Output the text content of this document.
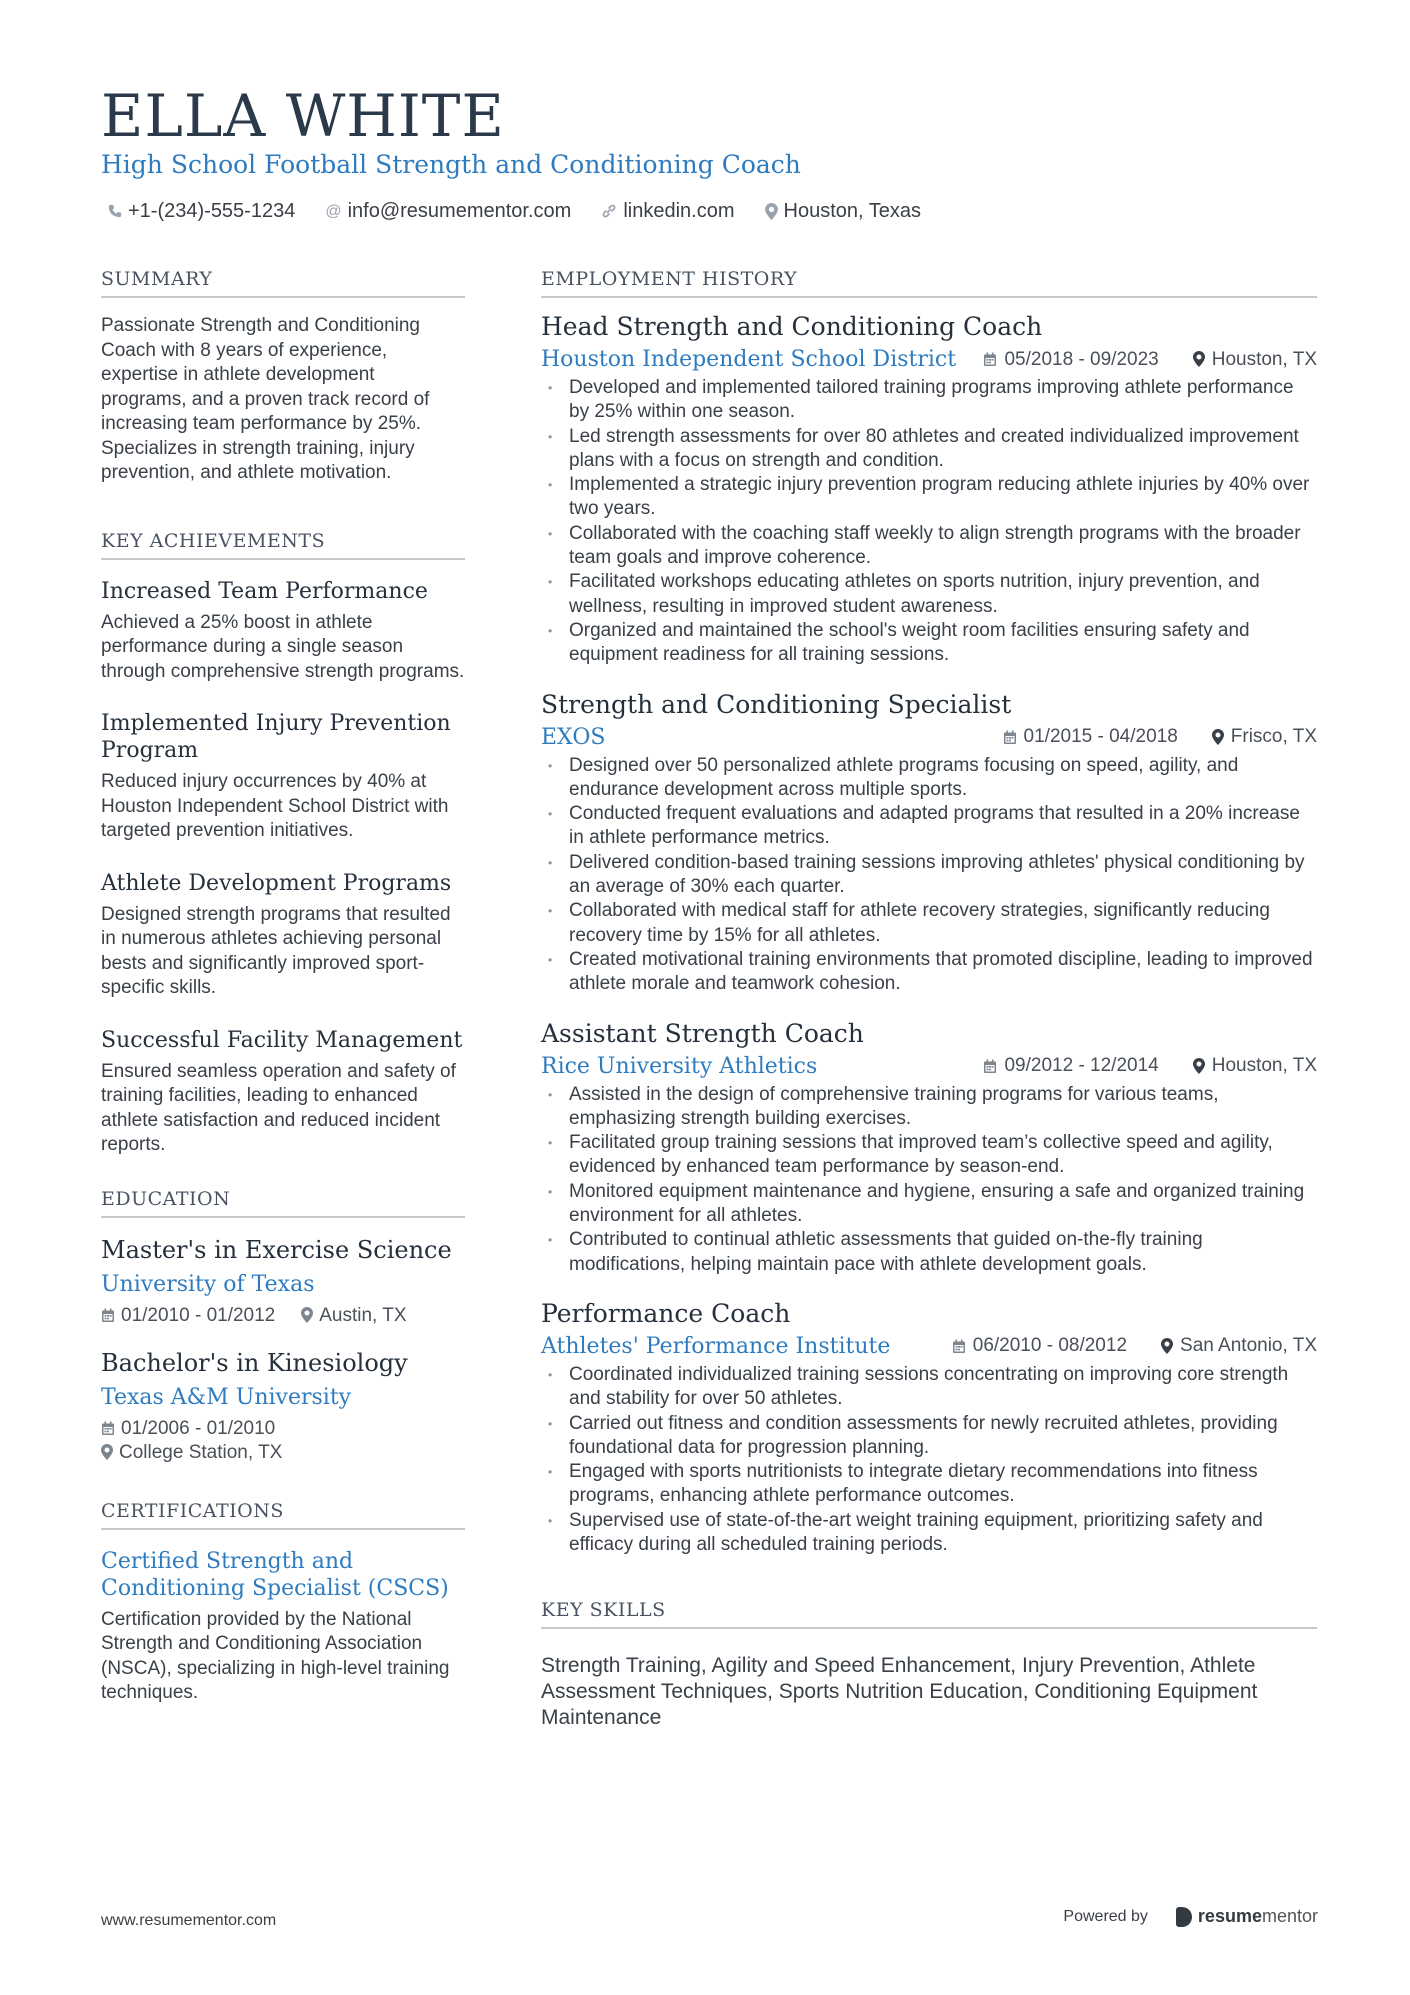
ELLA WHITE
High School Football Strength and Conditioning Coach
+1-(234)-555-1234 @ info@resumementor.com	linkedin.com Houston, Texas
SUMMARY
Passionate Strength and Conditioning Coach with 8 years of experience, expertise in athlete development programs, and a proven track record of increasing team performance by 25%. Specializes in strength training, injury prevention, and athlete motivation.
KEY ACHIEVEMENTS
Increased Team Performance
Achieved a 25% boost in athlete performance during a single season through comprehensive strength programs.
Implemented Injury Prevention Program
Reduced injury occurrences by 40% at Houston Independent School District with targeted prevention initiatives.
Athlete Development Programs
Designed strength programs that resulted in numerous athletes achieving personal bests and significantly improved sport-specific skills.
Successful Facility Management
Ensured seamless operation and safety of training facilities, leading to enhanced athlete satisfaction and reduced incident reports.
EDUCATION
Master's in Exercise Science
University of Texas
01/2010 - 01/2012 Austin, TX
Bachelor's in Kinesiology
Texas A&M University
01/2006 - 01/2010
College Station, TX
CERTIFICATIONS
Certified Strength and Conditioning Specialist (CSCS)
Certification provided by the National Strength and Conditioning Association (NSCA), specializing in high-level training techniques.
EMPLOYMENT HISTORY
Head Strength and Conditioning Coach
Houston Independent School District	05/2018 - 09/2023	Houston, TX
• Developed and implemented tailored training programs improving athlete performance by 25% within one season.
• Led strength assessments for over 80 athletes and created individualized improvement plans with a focus on strength and condition.
• Implemented a strategic injury prevention program reducing athlete injuries by 40% over two years.
• Collaborated with the coaching staff weekly to align strength programs with the broader team goals and improve coherence.
• Facilitated workshops educating athletes on sports nutrition, injury prevention, and wellness, resulting in improved student awareness.
• Organized and maintained the school's weight room facilities ensuring safety and equipment readiness for all training sessions.
Strength and Conditioning Specialist
EXOS	01/2015 - 04/2018	Frisco, TX
• Designed over 50 personalized athlete programs focusing on speed, agility, and endurance development across multiple sports.
• Conducted frequent evaluations and adapted programs that resulted in a 20% increase in athlete performance metrics.
• Delivered condition-based training sessions improving athletes' physical conditioning by an average of 30% each quarter.
• Collaborated with medical staff for athlete recovery strategies, significantly reducing recovery time by 15% for all athletes.
• Created motivational training environments that promoted discipline, leading to improved athlete morale and teamwork cohesion.
Assistant Strength Coach
Rice University Athletics	09/2012 - 12/2014	Houston, TX
• Assisted in the design of comprehensive training programs for various teams, emphasizing strength building exercises.
• Facilitated group training sessions that improved team’s collective speed and agility, evidenced by enhanced team performance by season-end.
• Monitored equipment maintenance and hygiene, ensuring a safe and organized training environment for all athletes.
• Contributed to continual athletic assessments that guided on-the-fly training modifications, helping maintain pace with athlete development goals.
Performance Coach
Athletes' Performance Institute	06/2010 - 08/2012	San Antonio, TX
• Coordinated individualized training sessions concentrating on improving core strength and stability for over 50 athletes.
• Carried out fitness and condition assessments for newly recruited athletes, providing foundational data for progression planning.
• Engaged with sports nutritionists to integrate dietary recommendations into fitness programs, enhancing athlete performance outcomes.
• Supervised use of state-of-the-art weight training equipment, prioritizing safety and efficacy during all scheduled training periods.
KEY SKILLS
Strength Training, Agility and Speed Enhancement, Injury Prevention, Athlete Assessment Techniques, Sports Nutrition Education, Conditioning Equipment Maintenance
www.resumementor.com	Powered by	resume mentor
